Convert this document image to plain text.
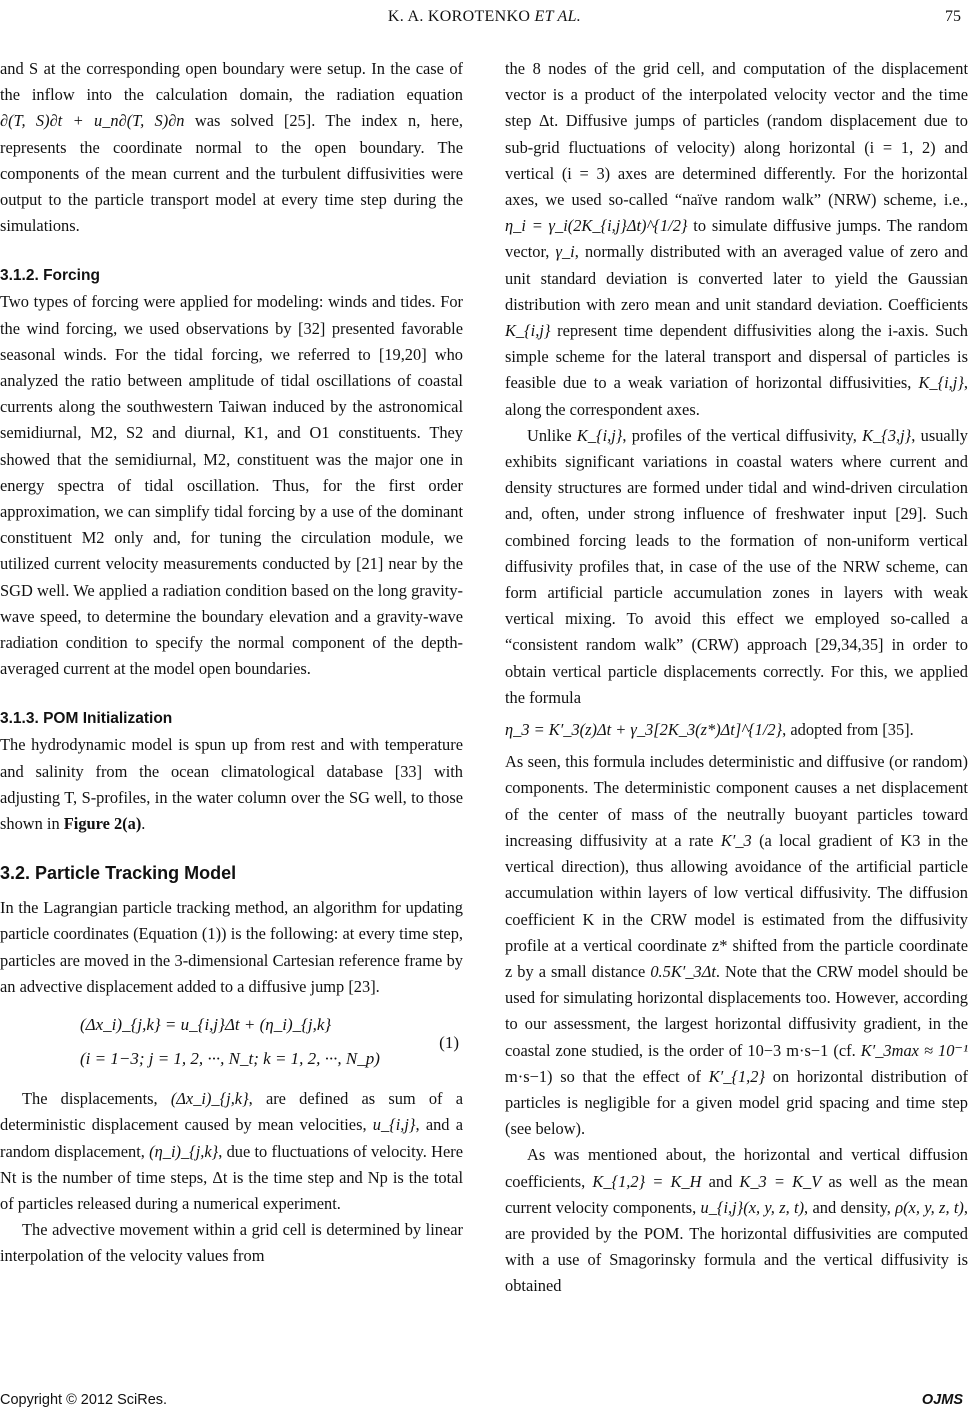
K. A. KOROTENKO ET AL.	75

and S at the corresponding open boundary were setup. In the case of the inflow into the calculation domain, the radiation equation ∂(T, S)∂t + u_n∂(T, S)∂n was solved [25]. The index n, here, represents the coordinate normal to the open boundary. The components of the mean current and the turbulent diffusivities were output to the particle transport model at every time step during the simulations.

3.1.2. Forcing

Two types of forcing were applied for modeling: winds and tides. For the wind forcing, we used observations by [32] presented favorable seasonal winds. For the tidal forcing, we referred to [19,20] who analyzed the ratio between amplitude of tidal oscillations of coastal currents along the southwestern Taiwan induced by the astronomical semidiurnal, M2, S2 and diurnal, K1, and O1 constituents. They showed that the semidiurnal, M2, constituent was the major one in energy spectra of tidal oscillation. Thus, for the first order approximation, we can simplify tidal forcing by a use of the dominant constituent M2 only and, for tuning the circulation module, we utilized current velocity measurements conducted by [21] near by the SGD well. We applied a radiation condition based on the long gravity-wave speed, to determine the boundary elevation and a gravity-wave radiation condition to specify the normal component of the depth-averaged current at the model open boundaries.

3.1.3. POM Initialization

The hydrodynamic model is spun up from rest and with temperature and salinity from the ocean climatological database [33] with adjusting T, S-profiles, in the water column over the SG well, to those shown in Figure 2(a).

3.2. Particle Tracking Model

In the Lagrangian particle tracking method, an algorithm for updating particle coordinates (Equation (1)) is the following: at every time step, particles are moved in the 3-dimensional Cartesian reference frame by an advective displacement added to a diffusive jump [23].

(Δx_i)_{j,k} = u_{i,j}Δt + (η_i)_{j,k}
(i = 1−3; j = 1, 2, ···, N_t; k = 1, 2, ···, N_p)
(1)

The displacements, (Δx_i)_{j,k}, are defined as sum of a deterministic displacement caused by mean velocities, u_{i,j}, and a random displacement, (η_i)_{j,k}, due to fluctuations of velocity. Here Nt is the number of time steps, Δt is the time step and Np is the total of particles released during a numerical experiment.

The advective movement within a grid cell is determined by linear interpolation of the velocity values from

the 8 nodes of the grid cell, and computation of the displacement vector is a product of the interpolated velocity vector and the time step Δt. Diffusive jumps of particles (random displacement due to sub-grid fluctuations of velocity) along horizontal (i = 1, 2) and vertical (i = 3) axes are determined differently. For the horizontal axes, we used so-called “naïve random walk” (NRW) scheme, i.e., η_i = γ_i(2K_{i,j}Δt)^{1/2} to simulate diffusive jumps. The random vector, γ_i, normally distributed with an averaged value of zero and unit standard deviation is converted later to yield the Gaussian distribution with zero mean and unit standard deviation. Coefficients K_{i,j} represent time dependent diffusivities along the i-axis. Such simple scheme for the lateral transport and dispersal of particles is feasible due to a weak variation of horizontal diffusivities, K_{i,j}, along the correspondent axes.

Unlike K_{i,j}, profiles of the vertical diffusivity, K_{3,j}, usually exhibits significant variations in coastal waters where current and density structures are formed under tidal and wind-driven circulation and, often, under strong influence of freshwater input [29]. Such combined forcing leads to the formation of non-uniform vertical diffusivity profiles that, in case of the use of the NRW scheme, can form artificial particle accumulation zones in layers with weak vertical mixing. To avoid this effect we employed so-called a “consistent random walk” (CRW) approach [29,34,35] in order to obtain vertical particle displacements correctly. For this, we applied the formula

η_3 = K′_3(z)Δt + γ_3[2K_3(z*)Δt]^{1/2}, adopted from [35].

As seen, this formula includes deterministic and diffusive (or random) components. The deterministic component causes a net displacement of the center of mass of the neutrally buoyant particles toward increasing diffusivity at a rate K′_3 (a local gradient of K3 in the vertical direction), thus allowing avoidance of the artificial particle accumulation within layers of low vertical diffusivity. The diffusion coefficient K in the CRW model is estimated from the diffusivity profile at a vertical coordinate z* shifted from the particle coordinate z by a small distance 0.5K′_3Δt. Note that the CRW model should be used for simulating horizontal displacements too. However, according to our assessment, the largest horizontal diffusivity gradient, in the coastal zone studied, is the order of 10−3 m·s−1 (cf. K′_3max ≈ 10⁻¹ m·s−1) so that the effect of K′_{1,2} on horizontal distribution of particles is negligible for a given model grid spacing and time step (see below).

As was mentioned about, the horizontal and vertical diffusion coefficients, K_{1,2} = K_H and K_3 = K_V as well as the mean current velocity components, u_{i,j}(x, y, z, t), and density, ρ(x, y, z, t), are provided by the POM. The horizontal diffusivities are computed with a use of Smagorinsky formula and the vertical diffusivity is obtained

Copyright © 2012 SciRes.	OJMS
